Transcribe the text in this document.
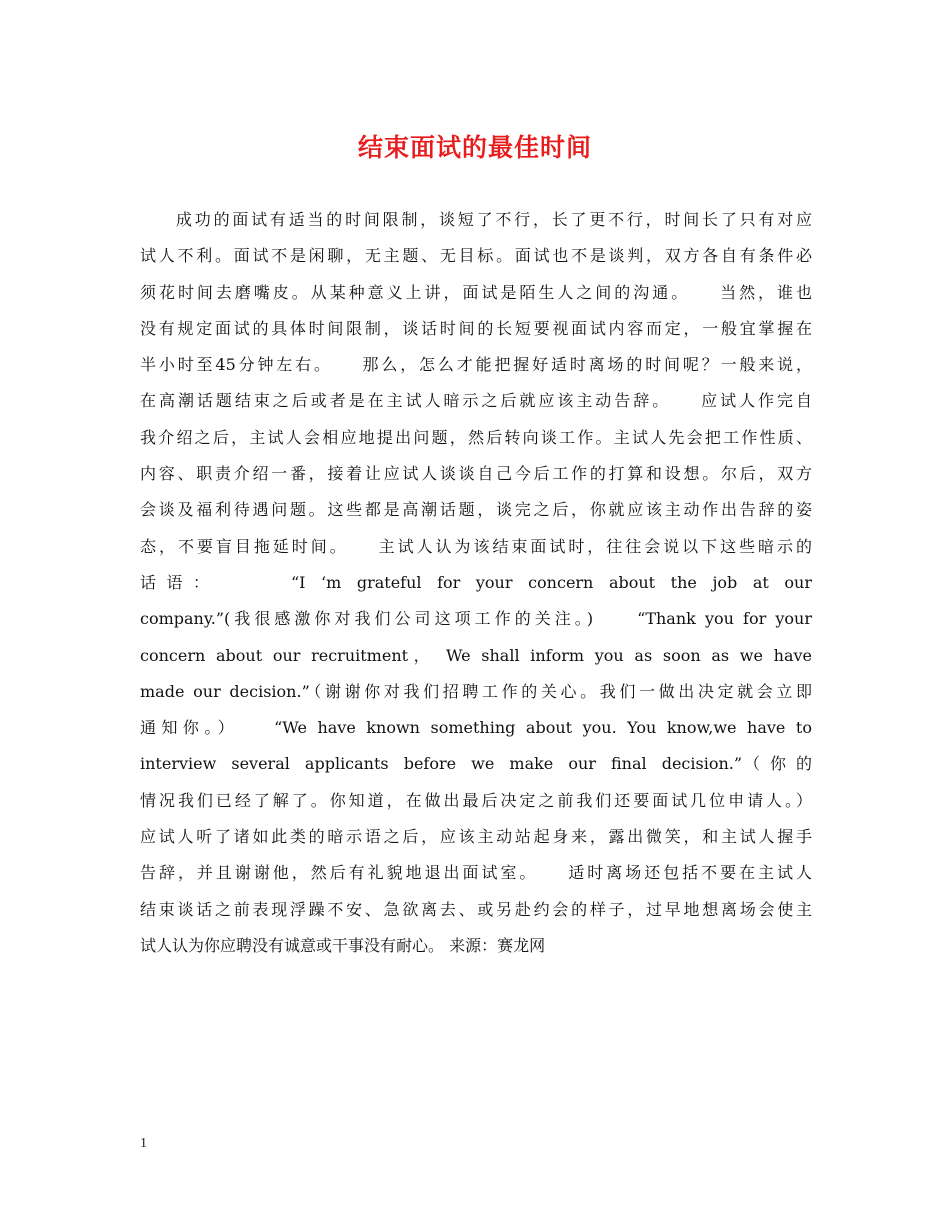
结束面试的最佳时间
成功的面试有适当的时间限制，谈短了不行，长了更不行，时间长了只有对应
试人不利。面试不是闲聊，无主题、无目标。面试也不是谈判，双方各自有条件必
须花时间去磨嘴皮。从某种意义上讲，面试是陌生人之间的沟通。　　当然，谁也
没有规定面试的具体时间限制，谈话时间的长短要视面试内容而定，一般宜掌握在
半小时至45分钟左右。　　那么，怎么才能把握好适时离场的时间呢？一般来说，
在高潮话题结束之后或者是在主试人暗示之后就应该主动告辞。　　应试人作完自
我介绍之后，主试人会相应地提出问题，然后转向谈工作。主试人先会把工作性质、
内容、职责介绍一番，接着让应试人谈谈自己今后工作的打算和设想。尔后，双方
会谈及福利待遇问题。这些都是高潮话题，谈完之后，你就应该主动作出告辞的姿
态，不要盲目拖延时间。　　主试人认为该结束面试时，往往会说以下这些暗示的
话语：　　　“I ‘m grateful for your concern about the job at our
company.”(我很感激你对我们公司这项工作的关注。)　　“Thank you for your
concern about our recruitment， We shall inform you as soon as we have
made our decision.”（谢谢你对我们招聘工作的关心。我们一做出决定就会立即
通知你。）　　“We have known something about you. You know,we have to
interview several applicants before we make our final decision.”（你的
情况我们已经了解了。你知道，在做出最后决定之前我们还要面试几位申请人。）
应试人听了诸如此类的暗示语之后，应该主动站起身来，露出微笑，和主试人握手
告辞，并且谢谢他，然后有礼貌地退出面试室。　　适时离场还包括不要在主试人
结束谈话之前表现浮躁不安、急欲离去、或另赴约会的样子，过早地想离场会使主
试人认为你应聘没有诚意或干事没有耐心。 来源：赛龙网
1
